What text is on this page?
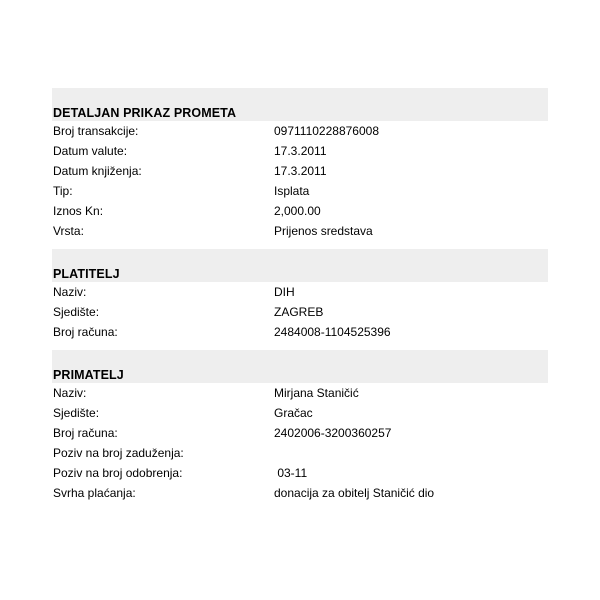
DETALJAN PRIKAZ PROMETA
Broj transakcije:	0971110228876008
Datum valute:	17.3.2011
Datum knjiženja:	17.3.2011
Tip:	Isplata
Iznos Kn:	2,000.00
Vrsta:	Prijenos sredstava
PLATITELJ
Naziv:	DIH
Sjedište:	ZAGREB
Broj računa:	2484008-1104525396
PRIMATELJ
Naziv:	Mirjana Staničić
Sjedište:	Gračac
Broj računa:	2402006-3200360257
Poziv na broj zaduženja:
Poziv na broj odobrenja:	03-11
Svrha plaćanja:	donacija za obitelj Staničić dio
